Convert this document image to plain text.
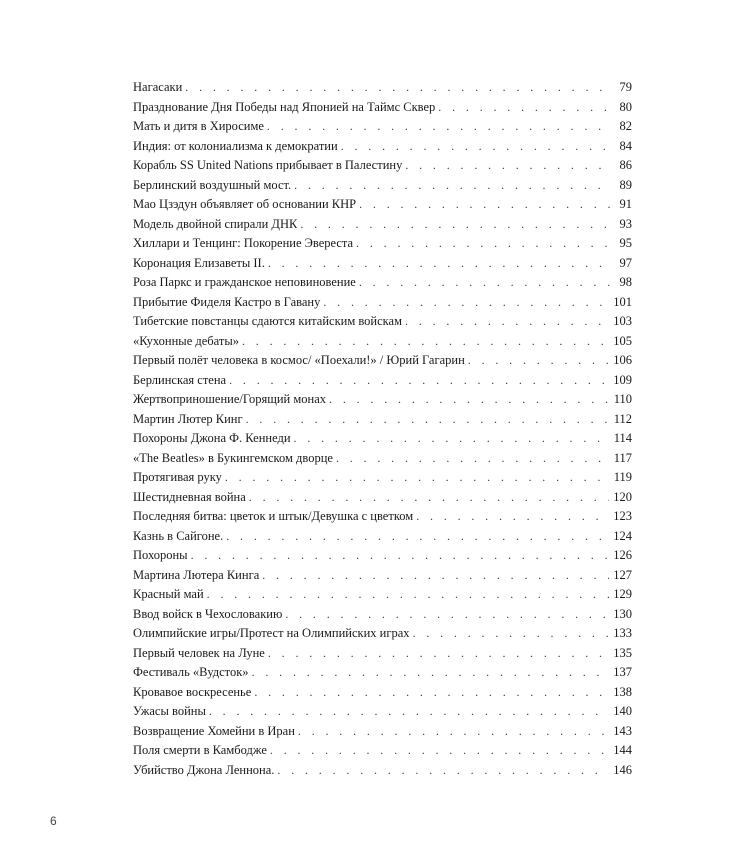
Нагасаки . . .	79
Празднование Дня Победы над Японией на Таймс Сквер . . .	80
Мать и дитя в Хиросиме . . .	82
Индия: от колониализма к демократии . . .	84
Корабль SS United Nations прибывает в Палестину . . .	86
Берлинский воздушный мост. . . .	89
Мао Цзэдун объявляет об основании КНР . . .	91
Модель двойной спирали ДНК . . .	93
Хиллари и Тенцинг: Покорение Эвереста . . .	95
Коронация Елизаветы II. . . .	97
Роза Паркс и гражданское неповиновение . . .	98
Прибытие Фиделя Кастро в Гавану . . .	101
Тибетские повстанцы сдаются китайским войскам . . .	103
«Кухонные дебаты» . . .	105
Первый полёт человека в космос/ «Поехали!» / Юрий Гагарин . . .	106
Берлинская стена . . .	109
Жертвоприношение/Горящий монах . . .	110
Мартин Лютер Кинг . . .	112
Похороны Джона Ф. Кеннеди . . .	114
«The Beatles» в Букингемском дворце . . .	117
Протягивая руку . . .	119
Шестидневная война . . .	120
Последняя битва: цветок и штык/Девушка с цветком . . .	123
Казнь в Сайгоне. . . .	124
Похороны . . .	126
Мартина Лютера Кинга . . .	127
Красный май . . .	129
Ввод войск в Чехословакию . . .	130
Олимпийские игры/Протест на Олимпийских играх . . .	133
Первый человек на Луне . . .	135
Фестиваль «Вудсток» . . .	137
Кровавое воскресенье . . .	138
Ужасы войны . . .	140
Возвращение Хомейни в Иран . . .	143
Поля смерти в Камбодже . . .	144
Убийство Джона Леннона. . . .	146
6
